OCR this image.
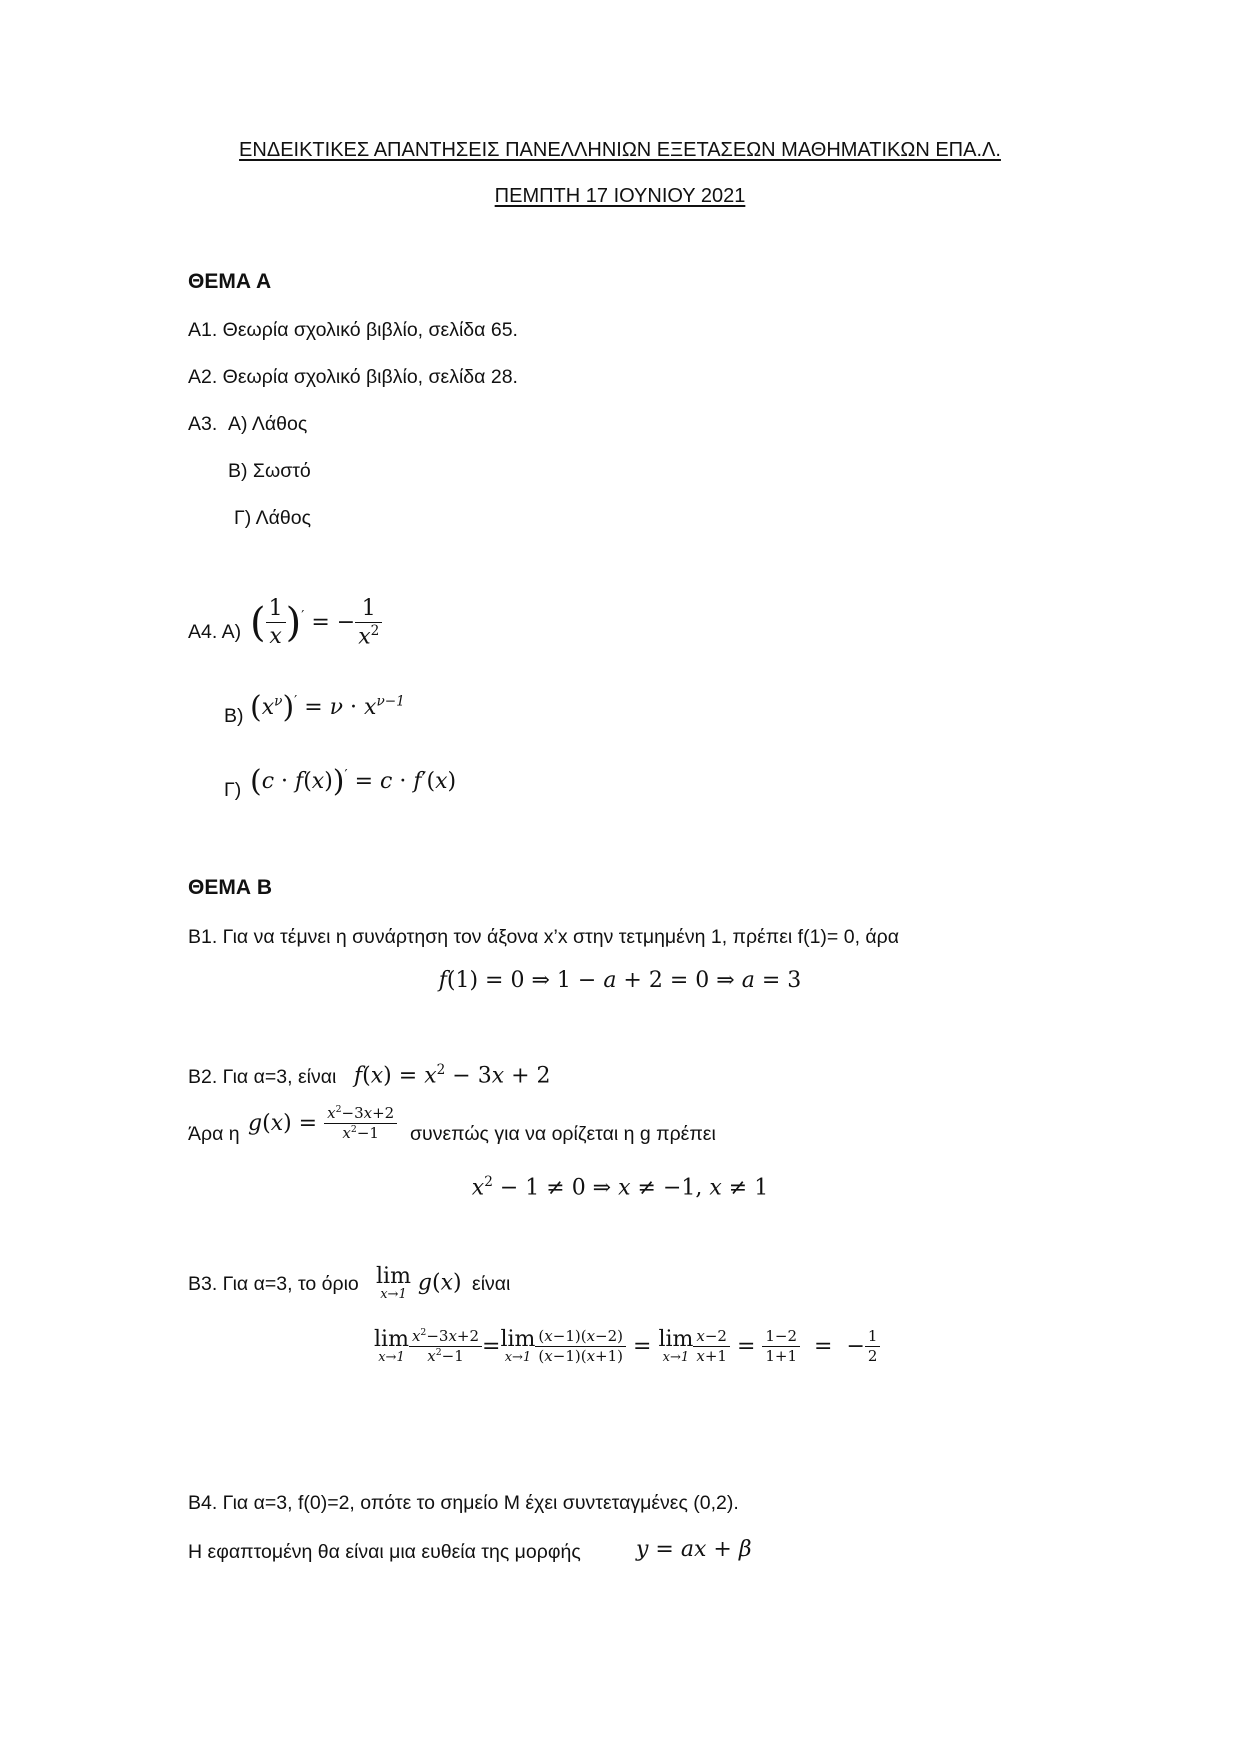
ΕΝΔΕΙΚΤΙΚΕΣ ΑΠΑΝΤΗΣΕΙΣ ΠΑΝΕΛΛΗΝΙΩΝ ΕΞΕΤΑΣΕΩΝ ΜΑΘΗΜΑΤΙΚΩΝ ΕΠΑ.Λ.
ΠΕΜΠΤΗ 17 ΙΟΥΝΙΟΥ 2021
ΘΕΜΑ Α
Α1. Θεωρία σχολικό βιβλίο, σελίδα 65.
Α2. Θεωρία σχολικό βιβλίο, σελίδα 28.
Α3. Α) Λάθος
Β) Σωστό
Γ) Λάθος
Α4. Α) ( $\frac{1}{x} )'$ = − $\frac{1}{x^2}$
Β) $(x^\nu)' = \nu \cdot x^{\nu-1}$
Γ) (c · f(x))′ = c · f′(x)
ΘΕΜΑ Β
Β1. Για να τέμνει η συνάρτηση τον άξονα x’x στην τετμημένη 1, πρέπει f(1)= 0, άρα
f(1) = 0 ⇒ 1 − a + 2 = 0 ⇒ a = 3
Β2. Για α=3, είναι $f(x) = x^2 - 3x + 2$
Άρα η $g(x) = \frac{x^2-3x+2}{x^2-1}$ συνεπώς για να ορίζεται η g πρέπει
$x^2 - 1 \ne 0$ ⇒ x ≠ −1, x ≠ 1
Β3. Για α=3, το όριο lim
x→1 g(x) είναι
lim
$x\to 1 \frac{x^2-3x+2}{x^2-1} = \lim$
$x\to 1 \frac{(x-1)(x-2)}{(x-1)(x+1)} = \lim$
$x\to 1 \frac{x-2}{x+1} = \frac{1-2}{1+1}$ =  − $\frac{1}{2}$
Β4. Για α=3, f(0)=2, οπότε το σημείο Μ έχει συντεταγμένες (0,2).
Η εφαπτομένη θα είναι μια ευθεία της μορφής	y = ax + β
